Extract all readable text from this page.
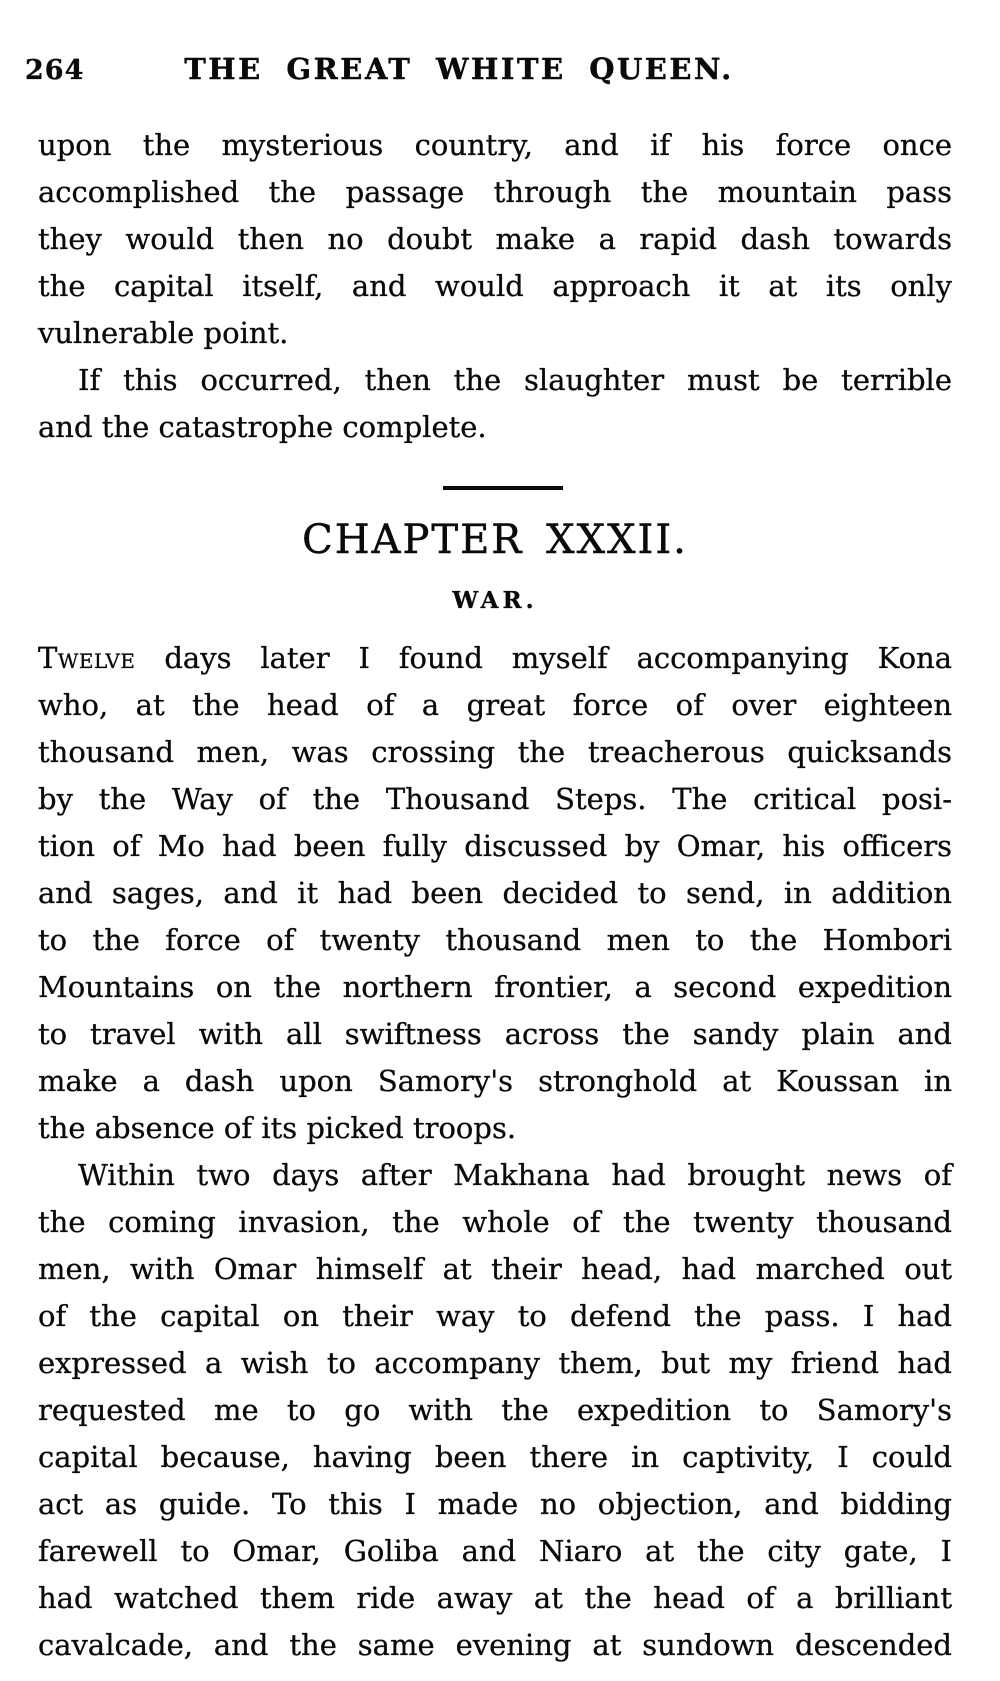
264	THE GREAT WHITE QUEEN.
upon the mysterious country, and if his force once
accomplished the passage through the mountain pass
they would then no doubt make a rapid dash towards
the capital itself, and would approach it at its only
vulnerable point.
If this occurred, then the slaughter must be terrible
and the catastrophe complete.
CHAPTER XXXII.
WAR.
Twelve days later I found myself accompanying Kona
who, at the head of a great force of over eighteen
thousand men, was crossing the treacherous quicksands
by the Way of the Thousand Steps. The critical posi-
tion of Mo had been fully discussed by Omar, his officers
and sages, and it had been decided to send, in addition
to the force of twenty thousand men to the Hombori
Mountains on the northern frontier, a second expedition
to travel with all swiftness across the sandy plain and
make a dash upon Samory's stronghold at Koussan in
the absence of its picked troops.
Within two days after Makhana had brought news of
the coming invasion, the whole of the twenty thousand
men, with Omar himself at their head, had marched out
of the capital on their way to defend the pass. I had
expressed a wish to accompany them, but my friend had
requested me to go with the expedition to Samory's
capital because, having been there in captivity, I could
act as guide. To this I made no objection, and bidding
farewell to Omar, Goliba and Niaro at the city gate, I
had watched them ride away at the head of a brilliant
cavalcade, and the same evening at sundown descended
